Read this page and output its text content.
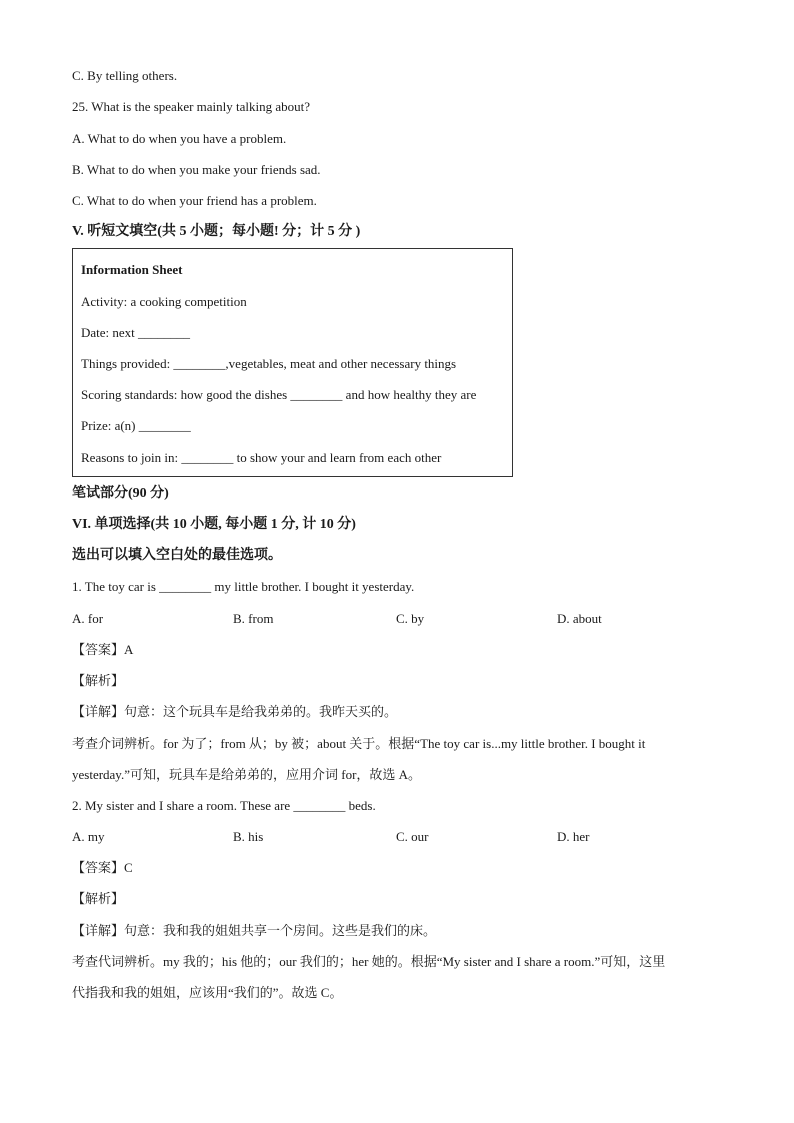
C. By telling others.
25. What is the speaker mainly talking about?
A. What to do when you have a problem.
B. What to do when you make your friends sad.
C. What to do when your friend has a problem.
V. 听短文填空(共 5 小题；每小题! 分；计 5 分 )
Information Sheet
Activity: a cooking competition
Date: next ________
Things provided: ________,vegetables, meat and other necessary things
Scoring standards: how good the dishes ________ and how healthy they are
Prize: a(n) ________
Reasons to join in: ________ to show your and learn from each other
笔试部分(90 分)
VI. 单项选择(共 10 小题, 每小题 1 分, 计 10 分)
选出可以填入空白处的最佳选项。
1. The toy car is ________ my little brother. I bought it yesterday.
A. for	B. from	C. by	D. about
【答案】A
【解析】
【详解】句意：这个玩具车是给我弟弟的。我昨天买的。
考查介词辨析。for 为了；from 从；by 被；about 关于。根据“The toy car is...my little brother. I bought it
yesterday.”可知，玩具车是给弟弟的，应用介词 for，故选 A。
2. My sister and I share a room. These are ________ beds.
A. my	B. his	C. our	D. her
【答案】C
【解析】
【详解】句意：我和我的姐姐共享一个房间。这些是我们的床。
考查代词辨析。my 我的；his 他的；our 我们的；her 她的。根据“My sister and I share a room.”可知，这里
代指我和我的姐姐，应该用“我们的”。故选 C。
